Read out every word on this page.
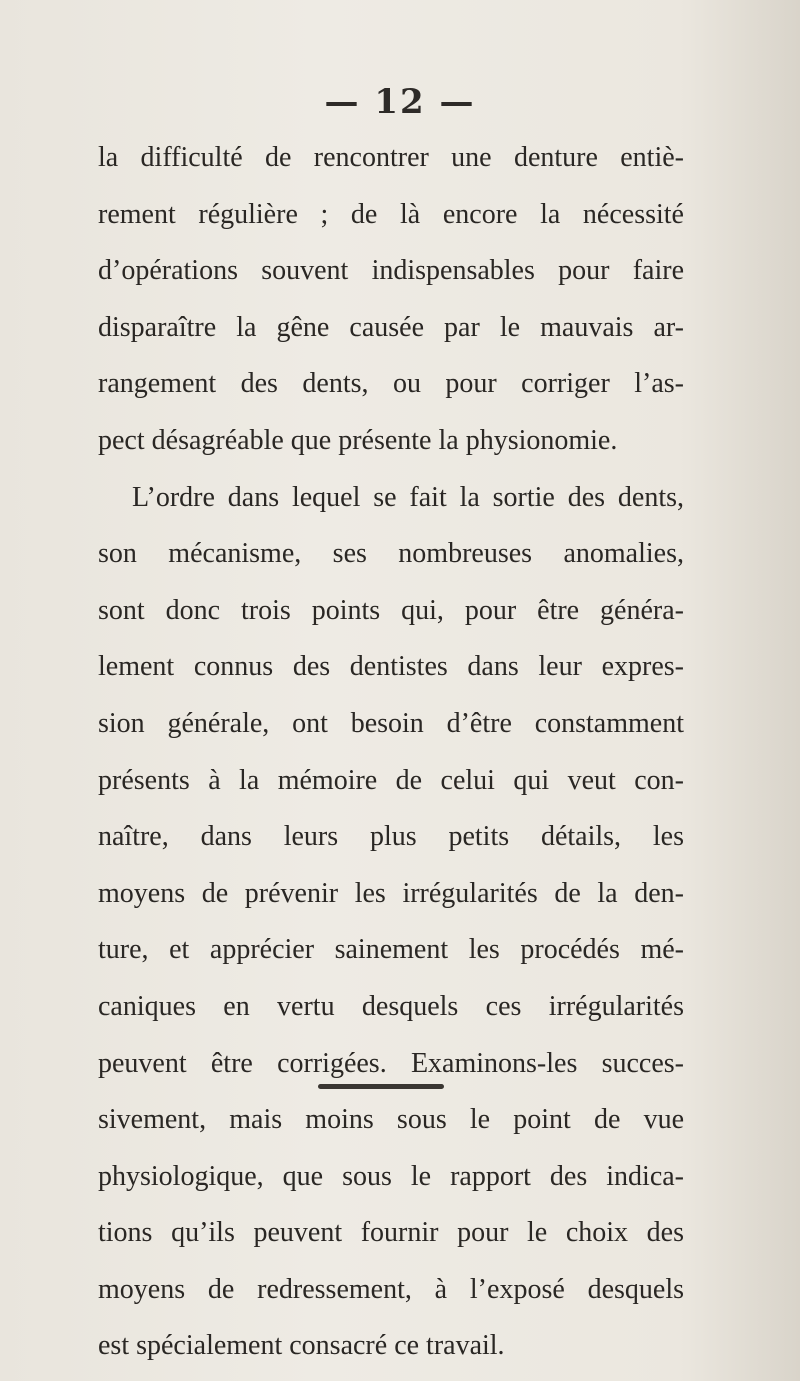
— 12 —
la difficulté de rencontrer une denture entiè-
rement régulière ; de là encore la nécessité
d’opérations souvent indispensables pour faire
disparaître la gêne causée par le mauvais ar-
rangement des dents, ou pour corriger l’as-
pect désagréable que présente la physionomie.
L’ordre dans lequel se fait la sortie des dents,
son mécanisme, ses nombreuses anomalies,
sont donc trois points qui, pour être généra-
lement connus des dentistes dans leur expres-
sion générale, ont besoin d’être constamment
présents à la mémoire de celui qui veut con-
naître, dans leurs plus petits détails, les
moyens de prévenir les irrégularités de la den-
ture, et apprécier sainement les procédés mé-
caniques en vertu desquels ces irrégularités
peuvent être corrigées. Examinons-les succes-
sivement, mais moins sous le point de vue
physiologique, que sous le rapport des indica-
tions qu’ils peuvent fournir pour le choix des
moyens de redressement, à l’exposé desquels
est spécialement consacré ce travail.
